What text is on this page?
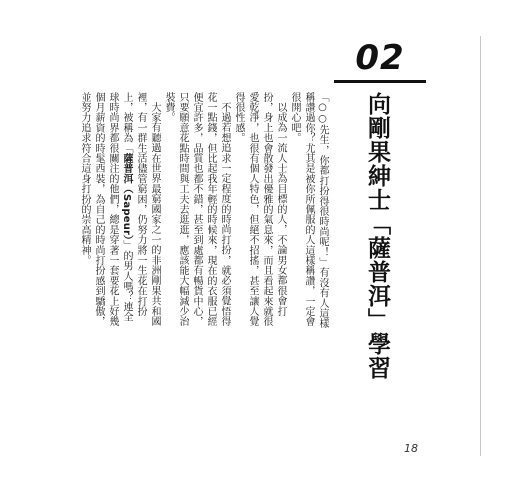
02
向剛果紳士「薩普洱」學習

「○○先生，你都打扮得很時尚呢！」有沒有人這樣稱讚過你？尤其是被你所佩服的人這樣稱讚，一定會很開心吧。

以成為一流人士為目標的人，不論男女都很會打扮，身上也會散發出優雅的氣息來，而且看起來就很愛乾淨，也很有個人特色，但絕不招搖，甚至讓人覺得很性感。

不過若想追求一定程度的時尚打扮，就必須覺悟得花一點錢，但比起我年輕的時候來，現在的衣服已經便宜許多，品質也都不錯，甚至到處都有暢貨中心，只要願意花點時間與工夫去逛逛，應該能大幅減少治裝費。

大家有聽過在世界最窮國家之一的非洲剛果共和國裡，有一群生活儘管窮困，仍努力將一生花在打扮上，被稱為「薩普洱（Sapeur）」的男人嗎？連全球時尚界都很關注的他們，總是穿著一套要花上好幾個月薪資的時髦西裝，為自己的時尚打扮感到驕傲，並努力追求符合這身打扮的崇高精神。

18
